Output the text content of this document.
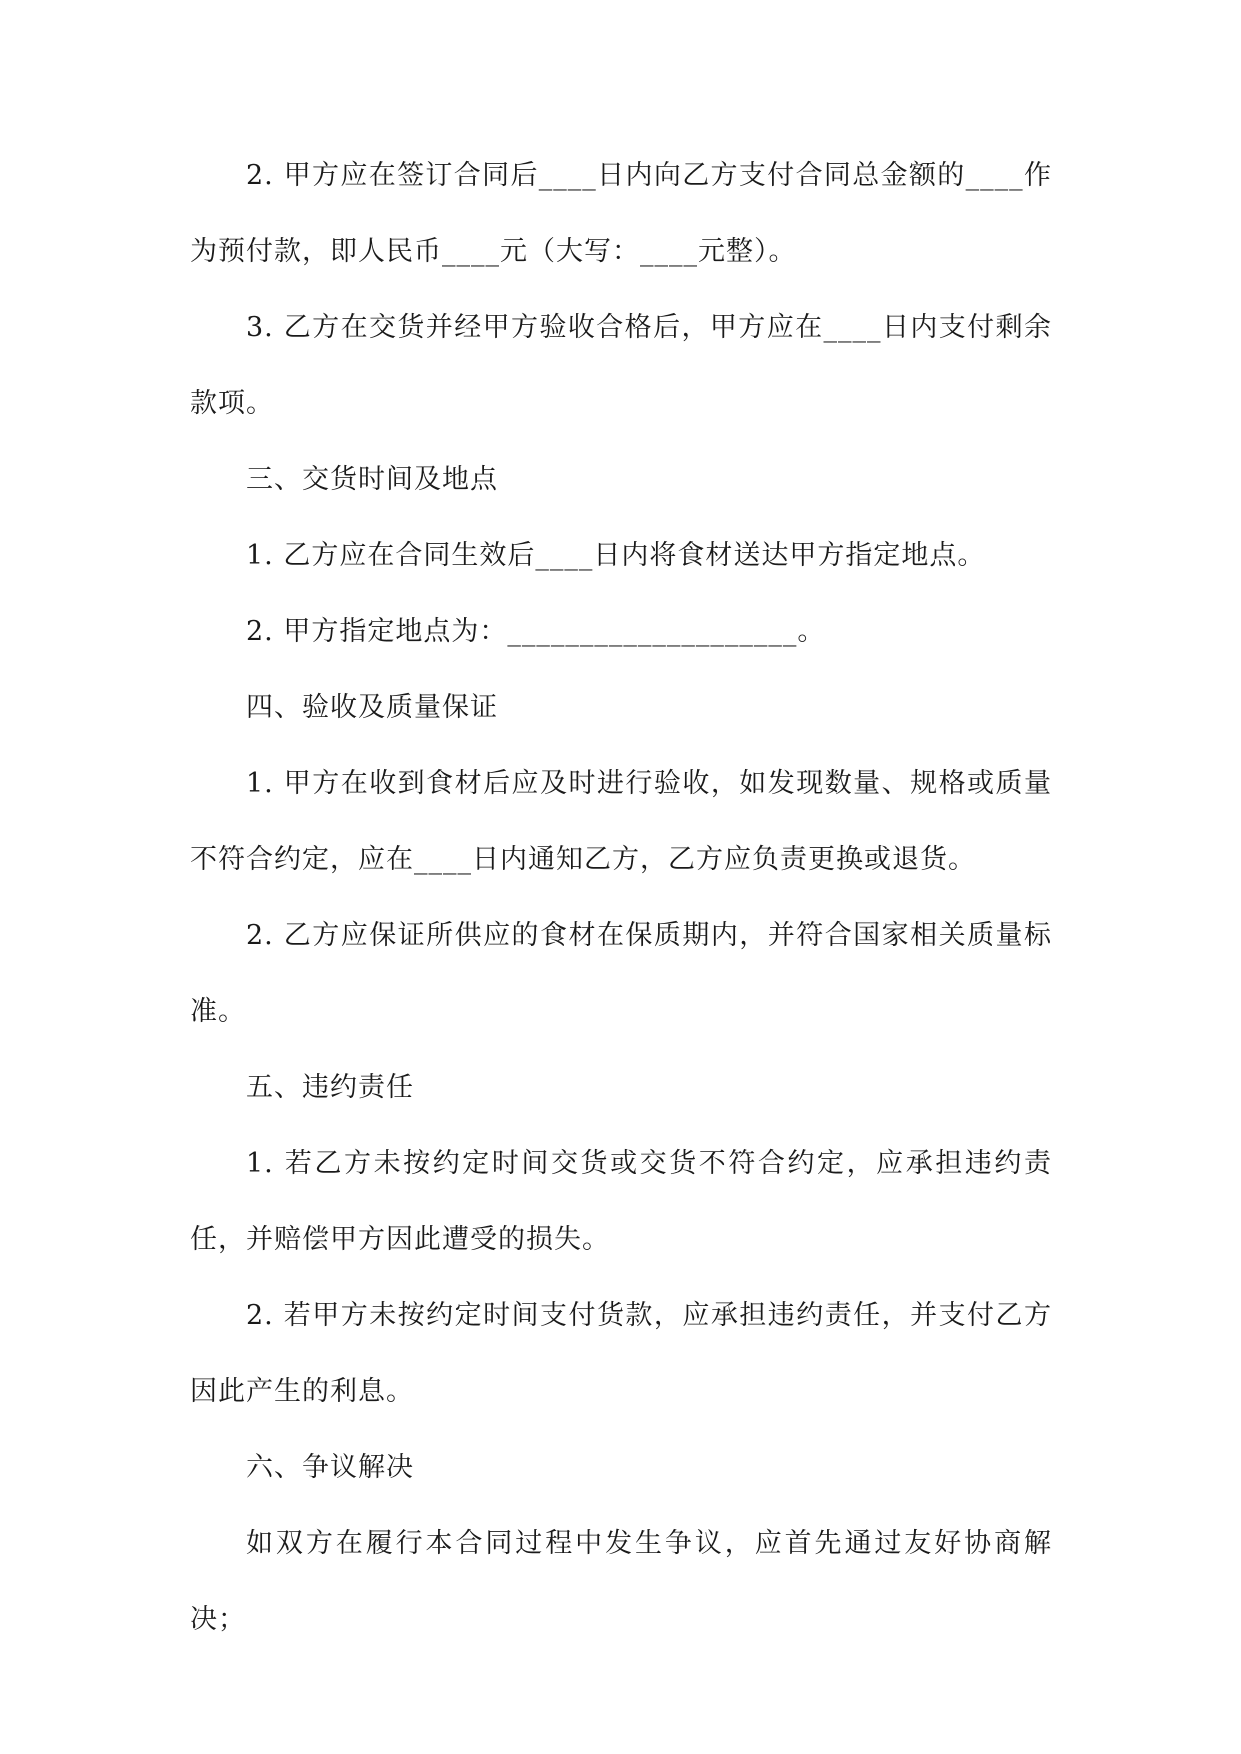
2. 甲方应在签订合同后____日内向乙方支付合同总金额的____作为预付款，即人民币____元（大写：____元整）。

3. 乙方在交货并经甲方验收合格后，甲方应在____日内支付剩余款项。

三、交货时间及地点

1. 乙方应在合同生效后____日内将食材送达甲方指定地点。

2. 甲方指定地点为：____________________。

四、验收及质量保证

1. 甲方在收到食材后应及时进行验收，如发现数量、规格或质量不符合约定，应在____日内通知乙方，乙方应负责更换或退货。

2. 乙方应保证所供应的食材在保质期内，并符合国家相关质量标准。

五、违约责任

1. 若乙方未按约定时间交货或交货不符合约定，应承担违约责任，并赔偿甲方因此遭受的损失。

2. 若甲方未按约定时间支付货款，应承担违约责任，并支付乙方因此产生的利息。

六、争议解决

如双方在履行本合同过程中发生争议，应首先通过友好协商解决；
